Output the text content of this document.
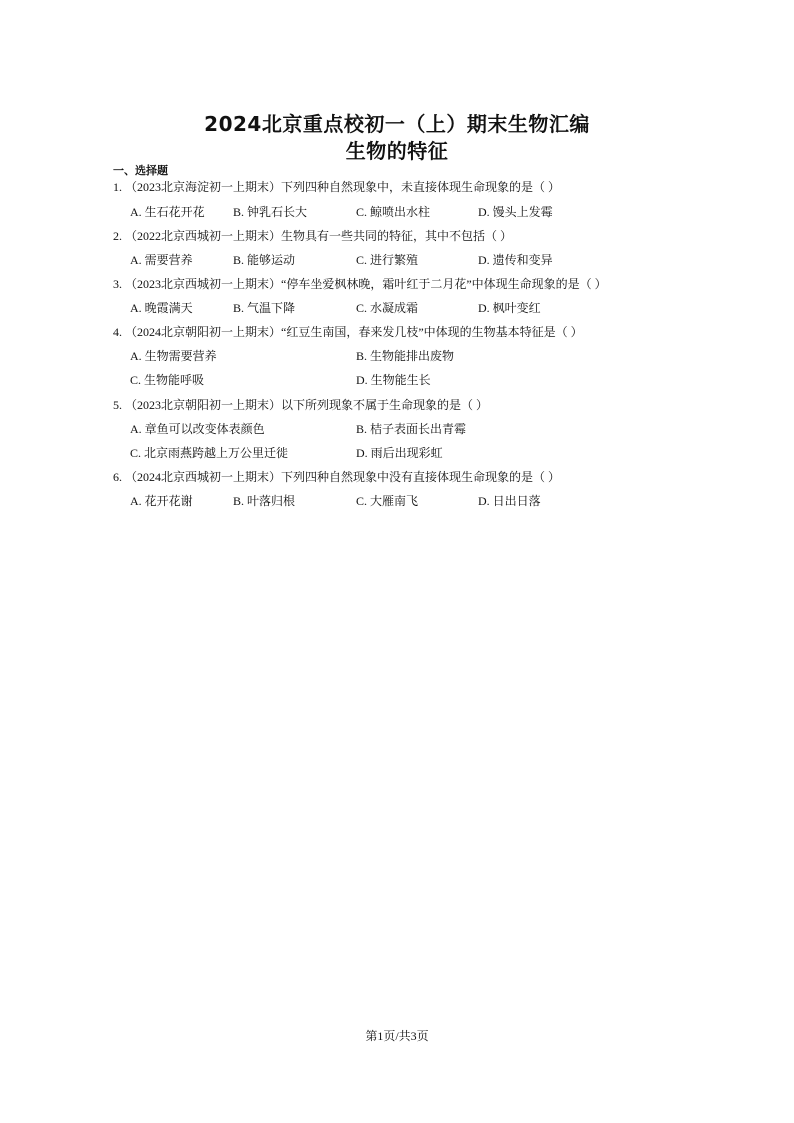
2024北京重点校初一（上）期末生物汇编
生物的特征
一、选择题
1. （2023北京海淀初一上期末）下列四种自然现象中，未直接体现生命现象的是（ ）
A. 生石花开花 B. 钟乳石长大	C. 鲸喷出水柱	D. 馒头上发霉
2. （2022北京西城初一上期末）生物具有一些共同的特征，其中不包括（ ）
A. 需要营养	B. 能够运动	C. 进行繁殖	D. 遗传和变异
3. （2023北京西城初一上期末）“停车坐爱枫林晚，霜叶红于二月花”中体现生命现象的是（ ）
A. 晚霞满天	B. 气温下降	C. 水凝成霜	D. 枫叶变红
4. （2024北京朝阳初一上期末）“红豆生南国，春来发几枝”中体现的生物基本特征是（ ）
A. 生物需要营养	B. 生物能排出废物
C. 生物能呼吸	D. 生物能生长
5. （2023北京朝阳初一上期末）以下所列现象不属于生命现象的是（ ）
A. 章鱼可以改变体表颜色	B. 桔子表面长出青霉
C. 北京雨燕跨越上万公里迁徙	D. 雨后出现彩虹
6. （2024北京西城初一上期末）下列四种自然现象中没有直接体现生命现象的是（ ）
A. 花开花谢	B. 叶落归根	C. 大雁南飞	D. 日出日落
第1页/共3页
